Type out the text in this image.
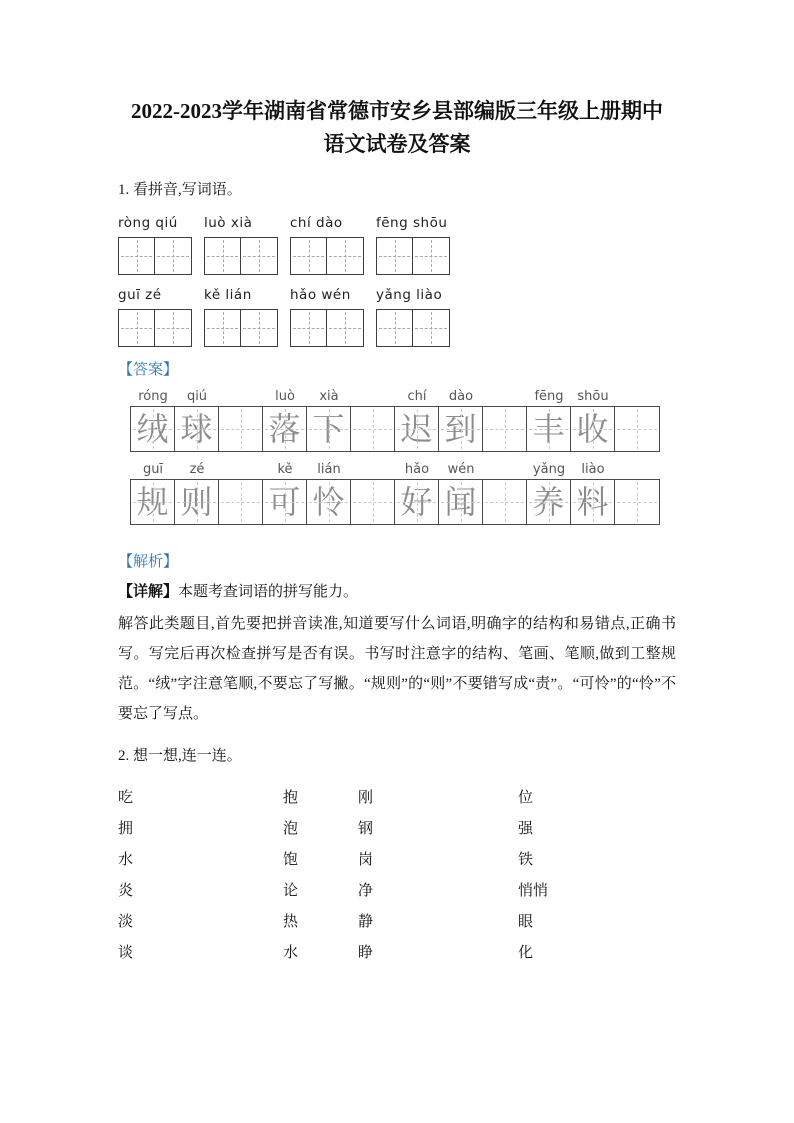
2022-2023学年湖南省常德市安乡县部编版三年级上册期中
语文试卷及答案

1. 看拼音,写词语。

ròng qiú	luò xià	chí dào	fēng shōu
guī zé	kě lián	hǎo wén	yǎng liào

【答案】

róng	qiú	luò	xià	chí	dào	fēng	shōu
绒 球 落 下 迟 到 丰 收
guī	zé	kě	lián	hǎo	wén	yǎng	liào
规 则 可 怜 好 闻 养 料

【解析】

【详解】本题考查词语的拼写能力。

解答此类题目,首先要把拼音读准,知道要写什么词语,明确字的结构和易错点,正确书写。写完后再次检查拼写是否有误。书写时注意字的结构、笔画、笔顺,做到工整规范。“绒”字注意笔顺,不要忘了写撇。“规则”的“则”不要错写成“责”。“可怜”的“怜”不要忘了写点。

2. 想一想,连一连。

吃	抱	刚	位
拥	泡	钢	强
水	饱	岗	铁
炎	论	净	悄悄
淡	热	静	眼
谈	水	睁	化
